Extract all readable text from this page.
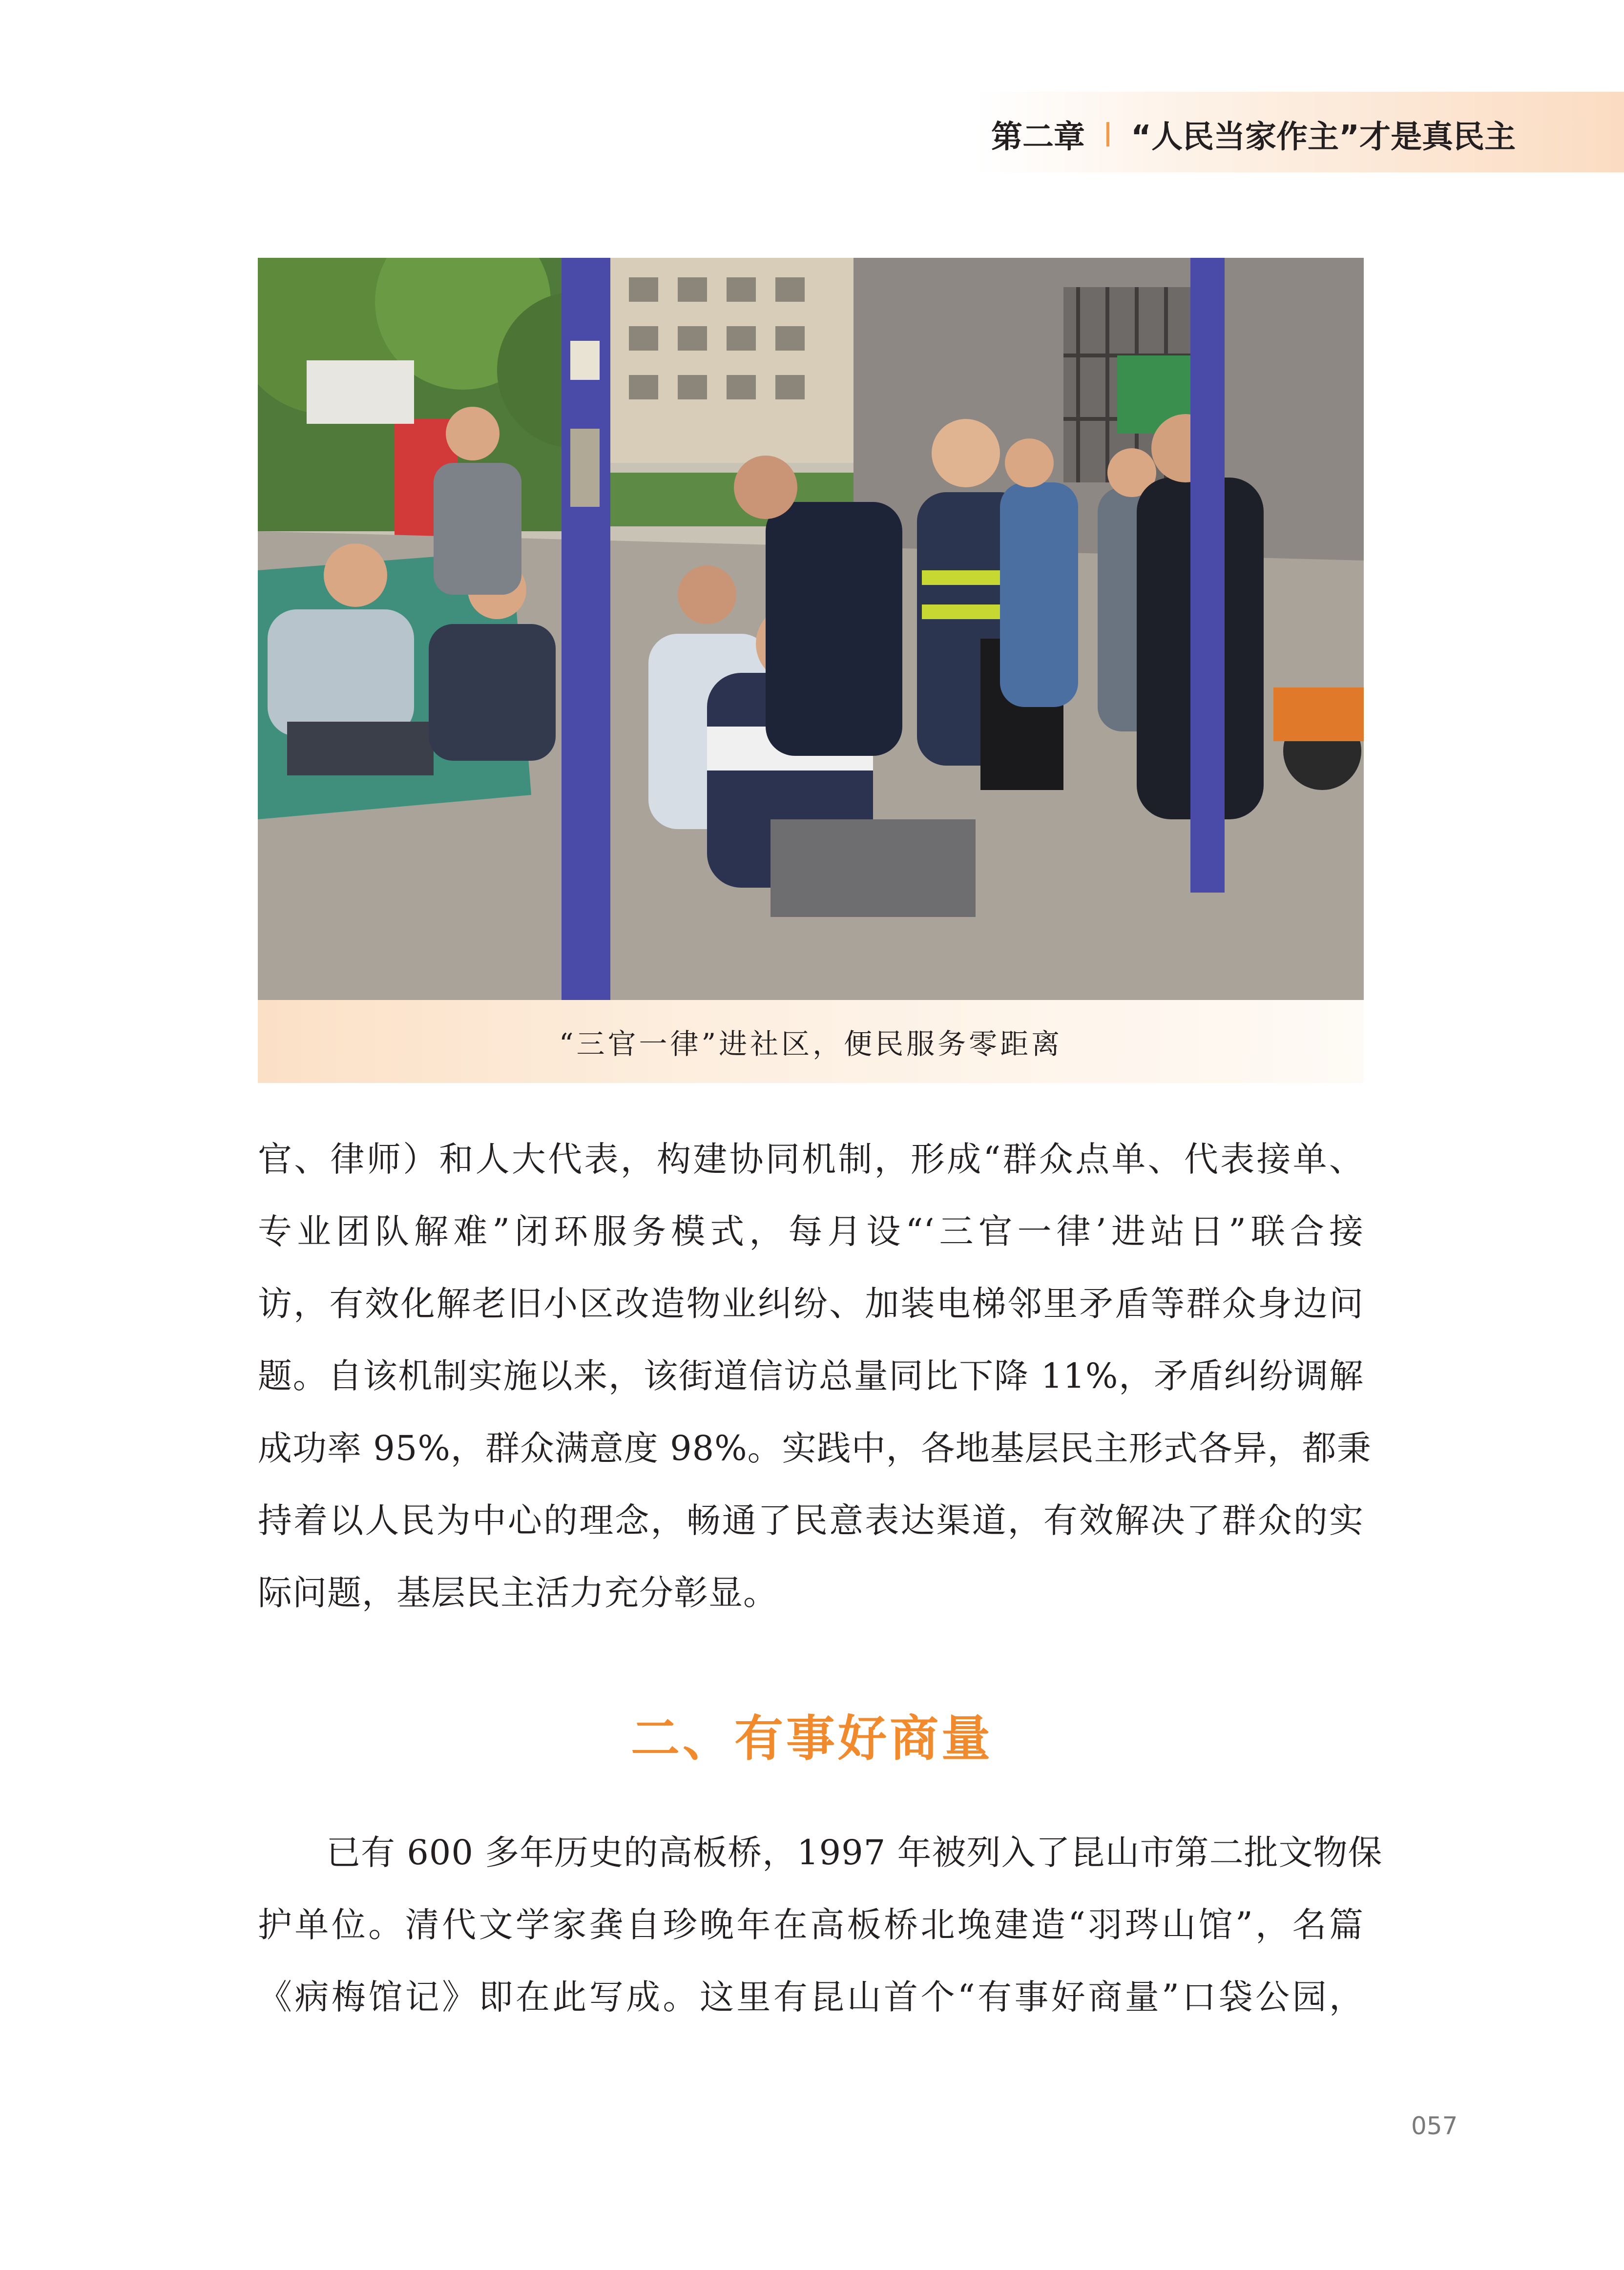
第二章 “人民当家作主”才是真民主
“三官一律”进社区，便民服务零距离
官、律师）和人大代表，构建协同机制，形成“群众点单、代表接单、
专业团队解难”闭环服务模式，每月设“‘三官一律’进站日”联合接
访，有效化解老旧小区改造物业纠纷、加装电梯邻里矛盾等群众身边问
题。自该机制实施以来，该街道信访总量同比下降 11%，矛盾纠纷调解
成功率 95%，群众满意度 98%。实践中，各地基层民主形式各异，都秉
持着以人民为中心的理念，畅通了民意表达渠道，有效解决了群众的实
际问题，基层民主活力充分彰显。
二、有事好商量
已有 600 多年历史的高板桥，1997 年被列入了昆山市第二批文物保
护单位。清代文学家龚自珍晚年在高板桥北堍建造“羽琌山馆”，名篇
《病梅馆记》即在此写成。这里有昆山首个“有事好商量”口袋公园，
057
